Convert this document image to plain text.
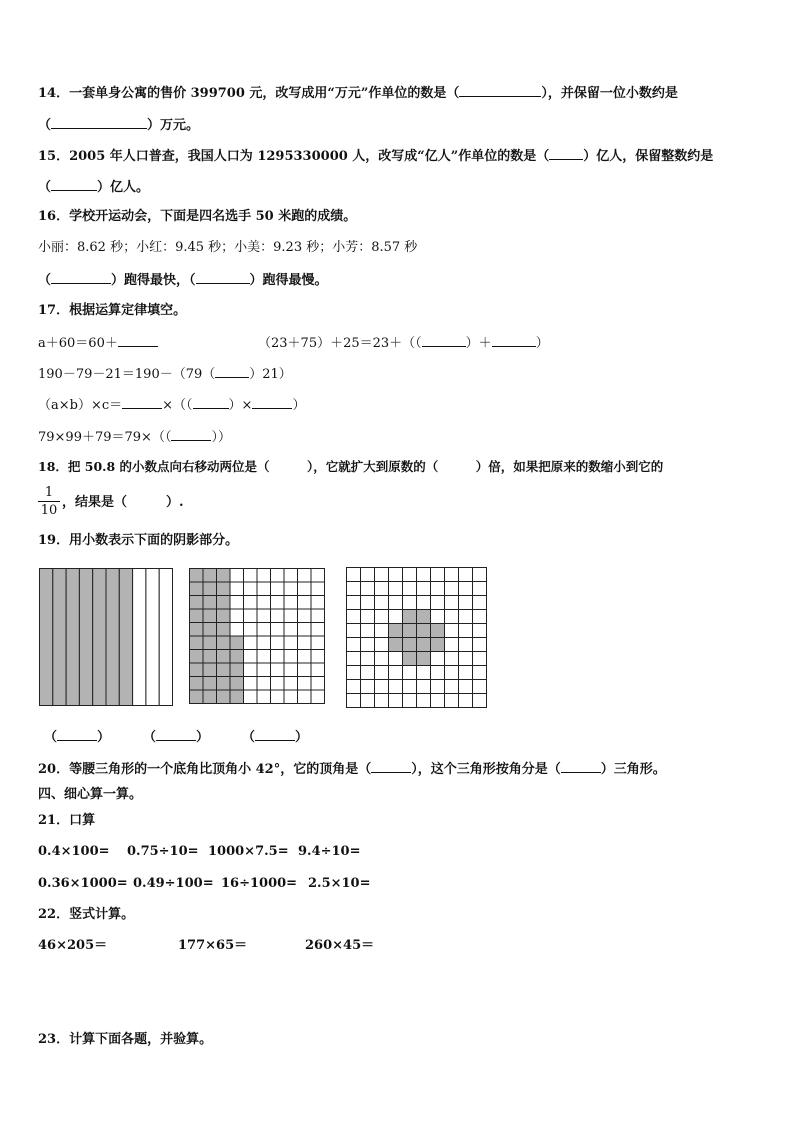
14．一套单身公寓的售价 399700 元，改写成用“万元”作单位的数是（	），并保留一位小数约是
（	）万元。
15．2005 年人口普查，我国人口为 1295330000 人，改写成“亿人”作单位的数是（	）亿人，保留整数约是
（	）亿人。
16．学校开运动会，下面是四名选手 50 米跑的成绩。
小丽：8.62 秒；小红：9.45 秒；小美：9.23 秒；小芳：8.57 秒
（	）跑得最快，（	）跑得最慢。
17．根据运算定律填空。
a＋60＝60＋	（23＋75）＋25＝23＋（（	）＋	）
190－79－21＝190－（79（	）21）
（a×b）×c＝	×（（	）×	）
79×99＋79＝79×（（	））
18．把 50.8 的小数点向右移动两位是（　　　），它就扩大到原数的（　　　）倍，如果把原来的数缩小到它的
$\frac{1}{10}$ ，结果是（　　　）.
19．用小数表示下面的阴影部分。
（	）	（	）	（	）
20．等腰三角形的一个底角比顶角小 42°，它的顶角是（	），这个三角形按角分是（	）三角形。
四、细心算一算。
21．口算
0.4×100= 0.75÷10= 1000×7.5= 9.4÷10=
0.36×1000= 0.49÷100= 16÷1000= 2.5×10=
22．竖式计算。
46×205＝	177×65＝	260×45＝
23．计算下面各题，并验算。
